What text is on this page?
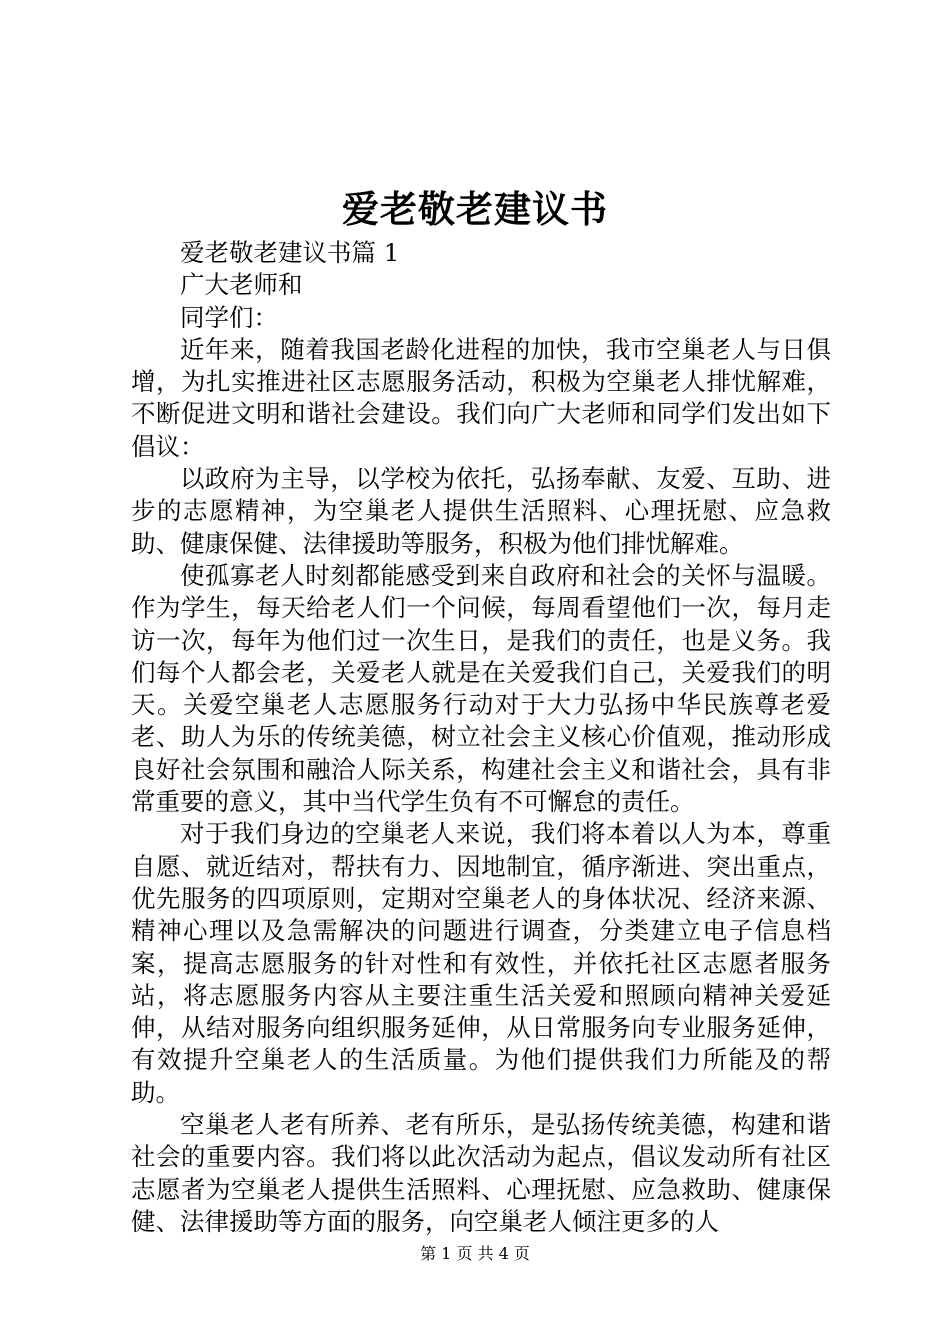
爱老敬老建议书
爱老敬老建议书篇 1
广大老师和
同学们：
近年来，随着我国老龄化进程的加快，我市空巢老人与日俱增，为扎实推进社区志愿服务活动，积极为空巢老人排忧解难，不断促进文明和谐社会建设。我们向广大老师和同学们发出如下倡议：
以政府为主导，以学校为依托，弘扬奉献、友爱、互助、进步的志愿精神，为空巢老人提供生活照料、心理抚慰、应急救助、健康保健、法律援助等服务，积极为他们排忧解难。
使孤寡老人时刻都能感受到来自政府和社会的关怀与温暖。作为学生，每天给老人们一个问候，每周看望他们一次，每月走访一次，每年为他们过一次生日，是我们的责任，也是义务。我们每个人都会老，关爱老人就是在关爱我们自己，关爱我们的明天。关爱空巢老人志愿服务行动对于大力弘扬中华民族尊老爱老、助人为乐的传统美德，树立社会主义核心价值观，推动形成良好社会氛围和融洽人际关系，构建社会主义和谐社会，具有非常重要的意义，其中当代学生负有不可懈怠的责任。
对于我们身边的空巢老人来说，我们将本着以人为本，尊重自愿、就近结对，帮扶有力、因地制宜，循序渐进、突出重点，优先服务的四项原则，定期对空巢老人的身体状况、经济来源、精神心理以及急需解决的问题进行调查，分类建立电子信息档案，提高志愿服务的针对性和有效性，并依托社区志愿者服务站，将志愿服务内容从主要注重生活关爱和照顾向精神关爱延伸，从结对服务向组织服务延伸，从日常服务向专业服务延伸，有效提升空巢老人的生活质量。为他们提供我们力所能及的帮助。
空巢老人老有所养、老有所乐，是弘扬传统美德，构建和谐社会的重要内容。我们将以此次活动为起点，倡议发动所有社区志愿者为空巢老人提供生活照料、心理抚慰、应急救助、健康保健、法律援助等方面的服务，向空巢老人倾注更多的人
第 1 页 共 4 页
